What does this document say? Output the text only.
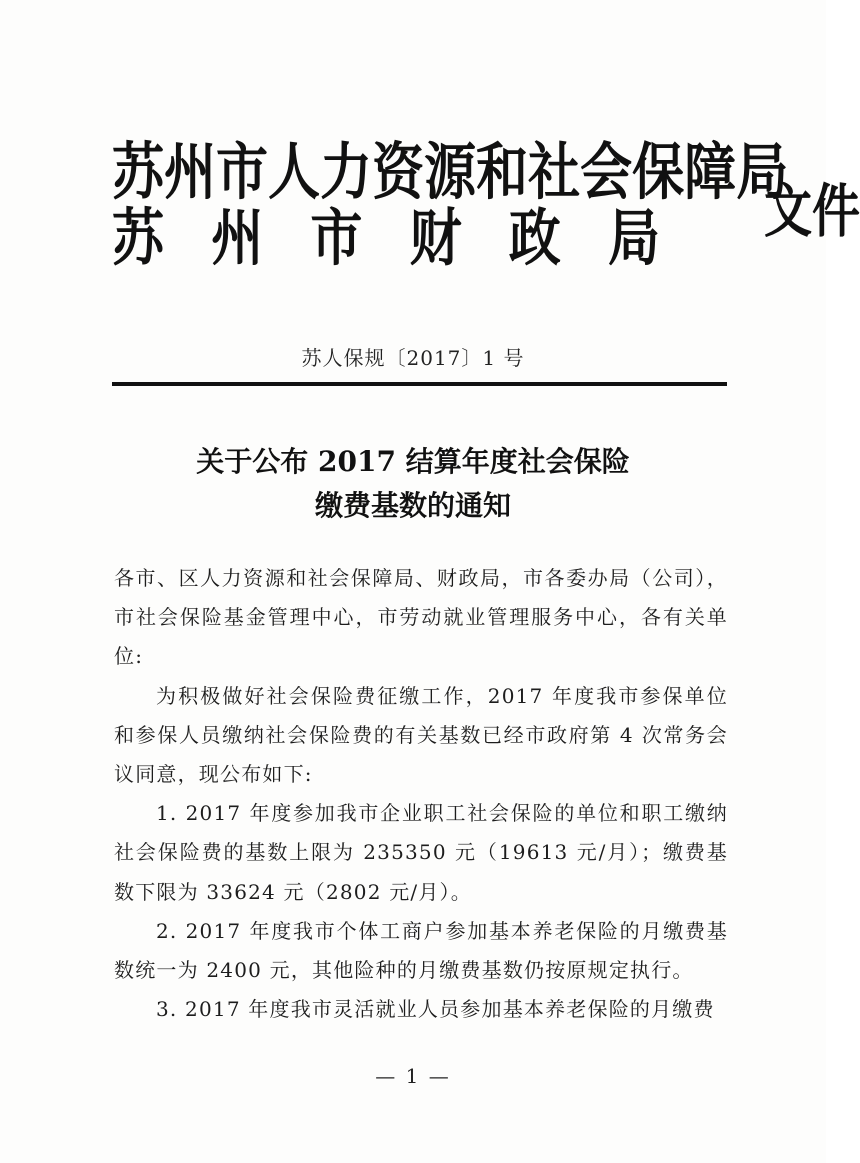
苏 州 市 人 力 资 源 和 社 会 保 障 局
苏 州 市 财 政 局 文件
苏人保规〔2017〕1 号
关于公布 2017 结算年度社会保险
缴费基数的通知

各市、区人力资源和社会保障局、财政局，市各委办局（公司），市社会保险基金管理中心，市劳动就业管理服务中心，各有关单位:

为积极做好社会保险费征缴工作，2017 年度我市参保单位和参保人员缴纳社会保险费的有关基数已经市政府第 4 次常务会议同意，现公布如下:

1. 2017 年度参加我市企业职工社会保险的单位和职工缴纳社会保险费的基数上限为 235350 元（19613 元/月）；缴费基数下限为 33624 元（2802 元/月）。

2. 2017 年度我市个体工商户参加基本养老保险的月缴费基数统一为 2400 元，其他险种的月缴费基数仍按原规定执行。

3. 2017 年度我市灵活就业人员参加基本养老保险的月缴费

— 1 —
